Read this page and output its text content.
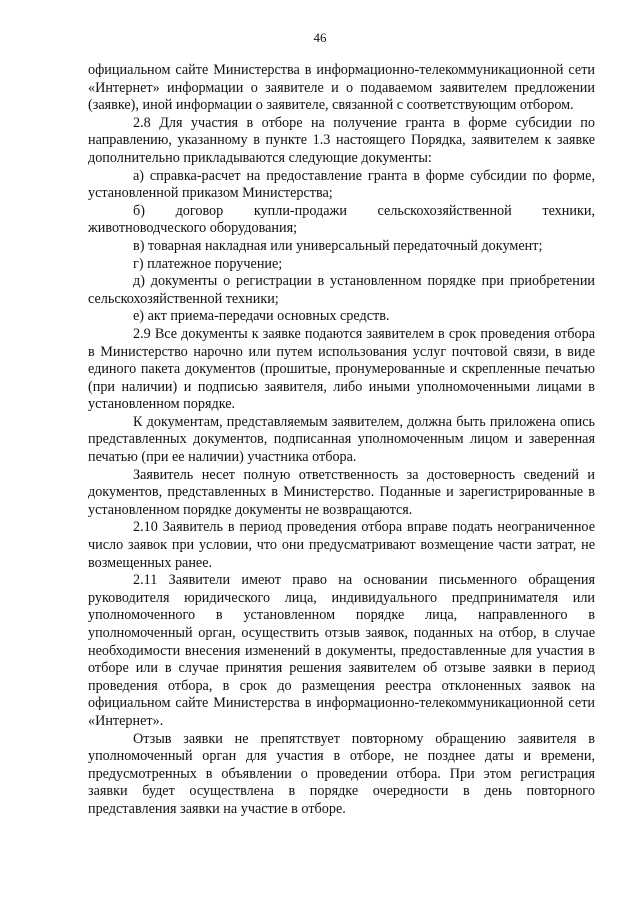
46

официальном сайте Министерства в информационно-телекоммуникационной сети «Интернет» информации о заявителе и о подаваемом заявителем предложении (заявке), иной информации о заявителе, связанной с соответствующим отбором.

2.8 Для участия в отборе на получение гранта в форме субсидии по направлению, указанному в пункте 1.3 настоящего Порядка, заявителем к заявке дополнительно прикладываются следующие документы:

а) справка-расчет на предоставление гранта в форме субсидии по форме, установленной приказом Министерства;

б) договор купли-продажи сельскохозяйственной техники, животноводческого оборудования;

в) товарная накладная или универсальный передаточный документ;

г) платежное поручение;

д) документы о регистрации в установленном порядке при приобретении сельскохозяйственной техники;

е) акт приема-передачи основных средств.

2.9 Все документы к заявке подаются заявителем в срок проведения отбора в Министерство нарочно или путем использования услуг почтовой связи, в виде единого пакета документов (прошитые, пронумерованные и скрепленные печатью (при наличии) и подписью заявителя, либо иными уполномоченными лицами в установленном порядке.

К документам, представляемым заявителем, должна быть приложена опись представленных документов, подписанная уполномоченным лицом и заверенная печатью (при ее наличии) участника отбора.

Заявитель несет полную ответственность за достоверность сведений и документов, представленных в Министерство. Поданные и зарегистрированные в установленном порядке документы не возвращаются.

2.10 Заявитель в период проведения отбора вправе подать неограниченное число заявок при условии, что они предусматривают возмещение части затрат, не возмещенных ранее.

2.11 Заявители имеют право на основании письменного обращения руководителя юридического лица, индивидуального предпринимателя или уполномоченного в установленном порядке лица, направленного в уполномоченный орган, осуществить отзыв заявок, поданных на отбор, в случае необходимости внесения изменений в документы, предоставленные для участия в отборе или в случае принятия решения заявителем об отзыве заявки в период проведения отбора, в срок до размещения реестра отклоненных заявок на официальном сайте Министерства в информационно-телекоммуникационной сети «Интернет».

Отзыв заявки не препятствует повторному обращению заявителя в уполномоченный орган для участия в отборе, не позднее даты и времени, предусмотренных в объявлении о проведении отбора. При этом регистрация заявки будет осуществлена в порядке очередности в день повторного представления заявки на участие в отборе.
